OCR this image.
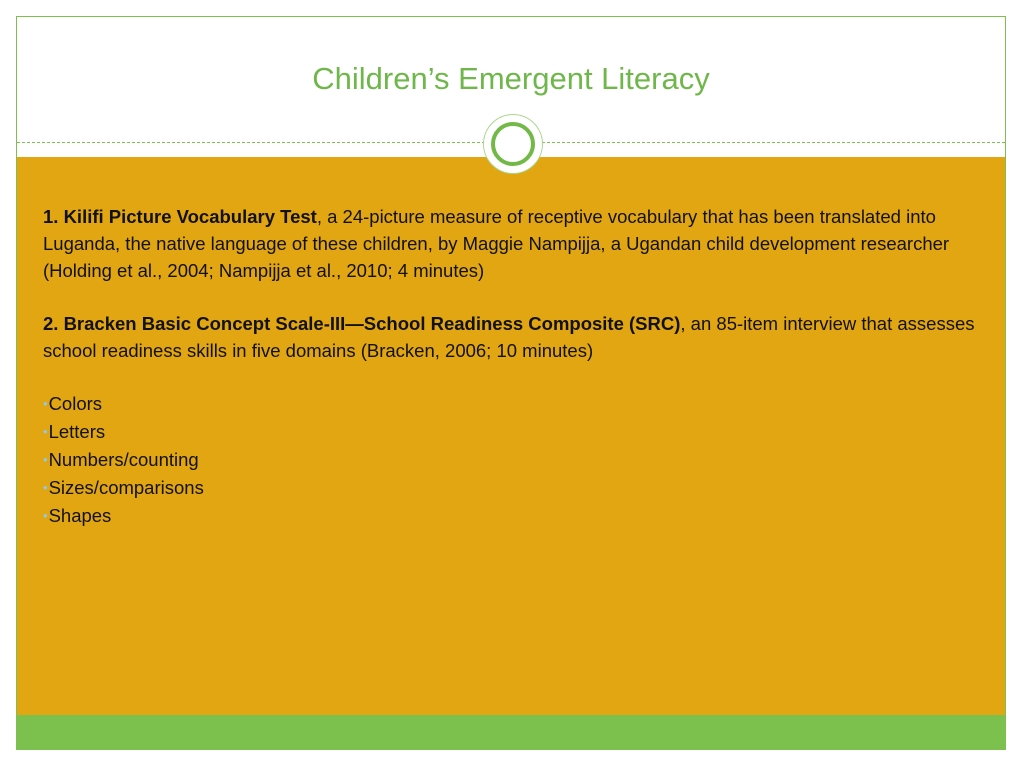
Children’s Emergent Literacy

1. Kilifi Picture Vocabulary Test, a 24-picture measure of receptive vocabulary that has been translated into Luganda, the native language of these children, by Maggie Nampijja, a Ugandan child development researcher (Holding et al., 2004; Nampijja et al., 2010; 4 minutes)

2. Bracken Basic Concept Scale-III—School Readiness Composite (SRC), an 85-item interview that assesses school readiness skills in five domains (Bracken, 2006; 10 minutes)

•Colors
•Letters
•Numbers/counting
•Sizes/comparisons
•Shapes
